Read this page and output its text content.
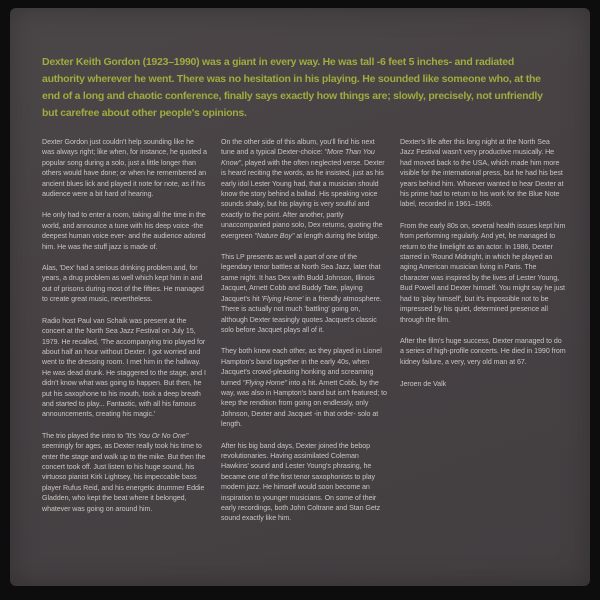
Dexter Keith Gordon (1923–1990) was a giant in every way. He was tall -6 feet 5 inches- and radiated authority wherever he went. There was no hesitation in his playing. He sounded like someone who, at the end of a long and chaotic conference, finally says exactly how things are; slowly, precisely, not unfriendly but carefree about other people's opinions.

Dexter Gordon just couldn't help sounding like he was always right; like when, for instance, he quoted a popular song during a solo, just a little longer than others would have done; or when he remembered an ancient blues lick and played it note for note, as if his audience were a bit hard of hearing.

He only had to enter a room, taking all the time in the world, and announce a tune with his deep voice -the deepest human voice ever- and the audience adored him. He was the stuff jazz is made of.

Alas, 'Dex' had a serious drinking problem and, for years, a drug problem as well which kept him in and out of prisons during most of the fifties. He managed to create great music, nevertheless.

Radio host Paul van Schaik was present at the concert at the North Sea Jazz Festival on July 15, 1979. He recalled, 'The accompanying trio played for about half an hour without Dexter. I got worried and went to the dressing room. I met him in the hallway. He was dead drunk. He staggered to the stage, and I didn't know what was going to happen. But then, he put his saxophone to his mouth, took a deep breath and started to play... Fantastic, with all his famous announcements, creating his magic.'

The trio played the intro to "It's You Or No One" seemingly for ages, as Dexter really took his time to enter the stage and walk up to the mike. But then the concert took off. Just listen to his huge sound, his virtuoso pianist Kirk Lightsey, his impeccable bass player Rufus Reid, and his energetic drummer Eddie Gladden, who kept the beat where it belonged, whatever was going on around him.

On the other side of this album, you'll find his next tune and a typical Dexter-choice: "More Than You Know", played with the often neglected verse. Dexter is heard reciting the words, as he insisted, just as his early idol Lester Young had, that a musician should know the story behind a ballad. His speaking voice sounds shaky, but his playing is very soulful and exactly to the point. After another, partly unaccompanied piano solo, Dex returns, quoting the evergreen "Nature Boy" at length during the bridge.

This LP presents as well a part of one of the legendary tenor battles at North Sea Jazz, later that same night. It has Dex with Budd Johnson, Illinois Jacquet, Arnett Cobb and Buddy Tate, playing Jacquet's hit 'Flying Home' in a friendly atmosphere. There is actually not much 'battling' going on, although Dexter teasingly quotes Jacquet's classic solo before Jacquet plays all of it.

They both knew each other, as they played in Lionel Hampton's band together in the early 40s, when Jacquet's crowd-pleasing honking and screaming turned "Flying Home" into a hit. Arnett Cobb, by the way, was also in Hampton's band but isn't featured; to keep the rendition from going on endlessly, only Johnson, Dexter and Jacquet -in that order- solo at length.

After his big band days, Dexter joined the bebop revolutionaries. Having assimilated Coleman Hawkins' sound and Lester Young's phrasing, he became one of the first tenor saxophonists to play modern jazz. He himself would soon become an inspiration to younger musicians. On some of their early recordings, both John Coltrane and Stan Getz sound exactly like him.

Dexter's life after this long night at the North Sea Jazz Festival wasn't very productive musically. He had moved back to the USA, which made him more visible for the international press, but he had his best years behind him. Whoever wanted to hear Dexter at his prime had to return to his work for the Blue Note label, recorded in 1961–1965.

From the early 80s on, several health issues kept him from performing regularly. And yet, he managed to return to the limelight as an actor. In 1986, Dexter starred in 'Round Midnight, in which he played an aging American musician living in Paris. The character was inspired by the lives of Lester Young, Bud Powell and Dexter himself. You might say he just had to 'play himself', but it's impossible not to be impressed by his quiet, determined presence all through the film.

After the film's huge success, Dexter managed to do a series of high-profile concerts. He died in 1990 from kidney failure, a very, very old man at 67.

Jeroen de Valk
